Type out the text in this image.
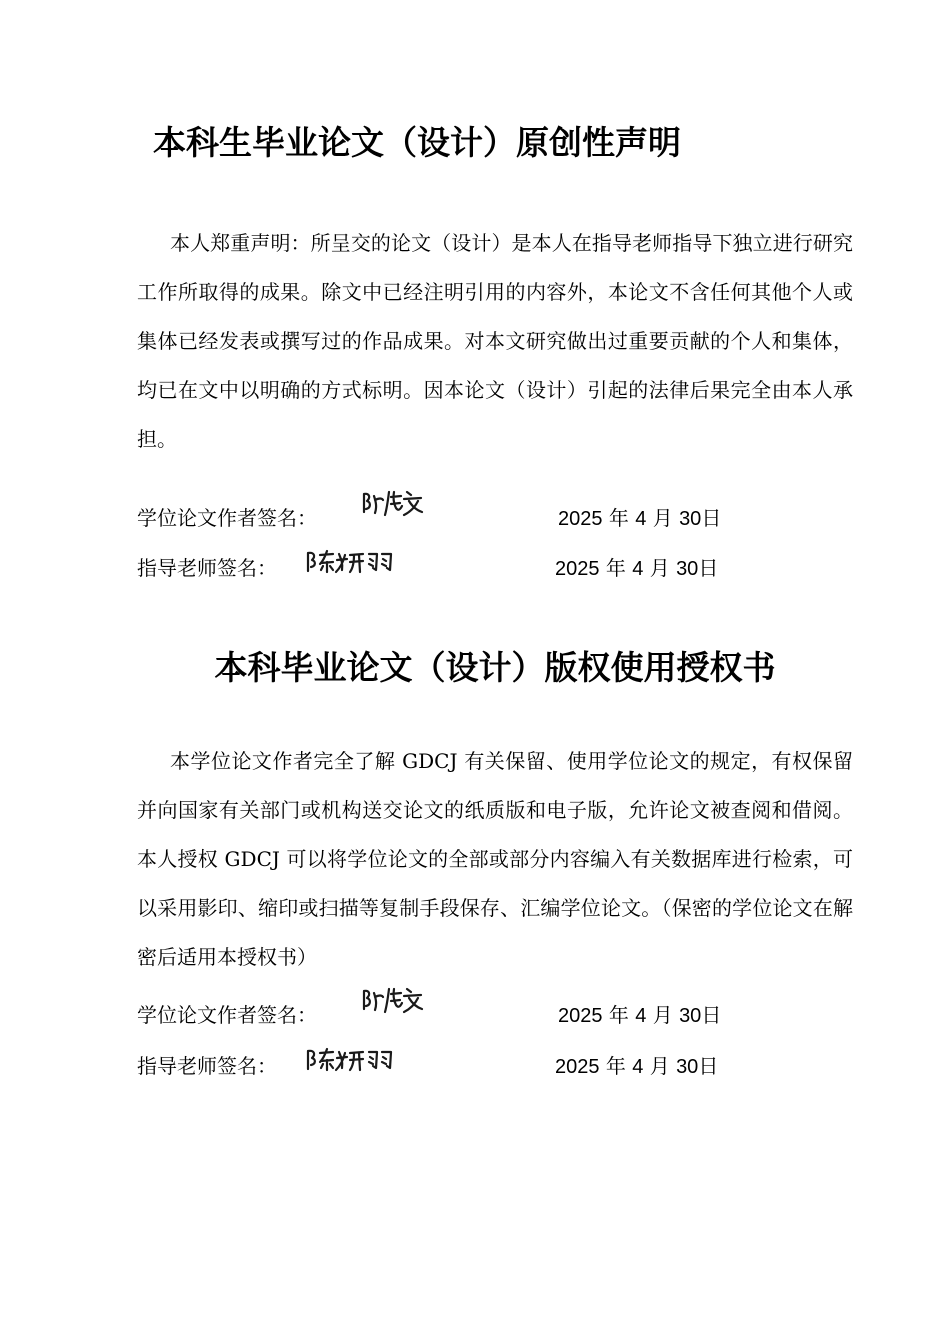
本科生毕业论文（设计）原创性声明

本人郑重声明：所呈交的论文（设计）是本人在指导老师指导下独立进行研究工作所取得的成果。除文中已经注明引用的内容外，本论文不含任何其他个人或集体已经发表或撰写过的作品成果。对本文研究做出过重要贡献的个人和集体，均已在文中以明确的方式标明。因本论文（设计）引起的法律后果完全由本人承担。

学位论文作者签名：	2025 年 4 月 30日
指导老师签名：	2025 年 4 月 30日
本科毕业论文（设计）版权使用授权书

本学位论文作者完全了解 GDCJ 有关保留、使用学位论文的规定，有权保留并向国家有关部门或机构送交论文的纸质版和电子版，允许论文被查阅和借阅。本人授权 GDCJ 可以将学位论文的全部或部分内容编入有关数据库进行检索，可以采用影印、缩印或扫描等复制手段保存、汇编学位论文。（保密的学位论文在解密后适用本授权书）

学位论文作者签名：	2025 年 4 月 30日
指导老师签名：	2025 年 4 月 30日
